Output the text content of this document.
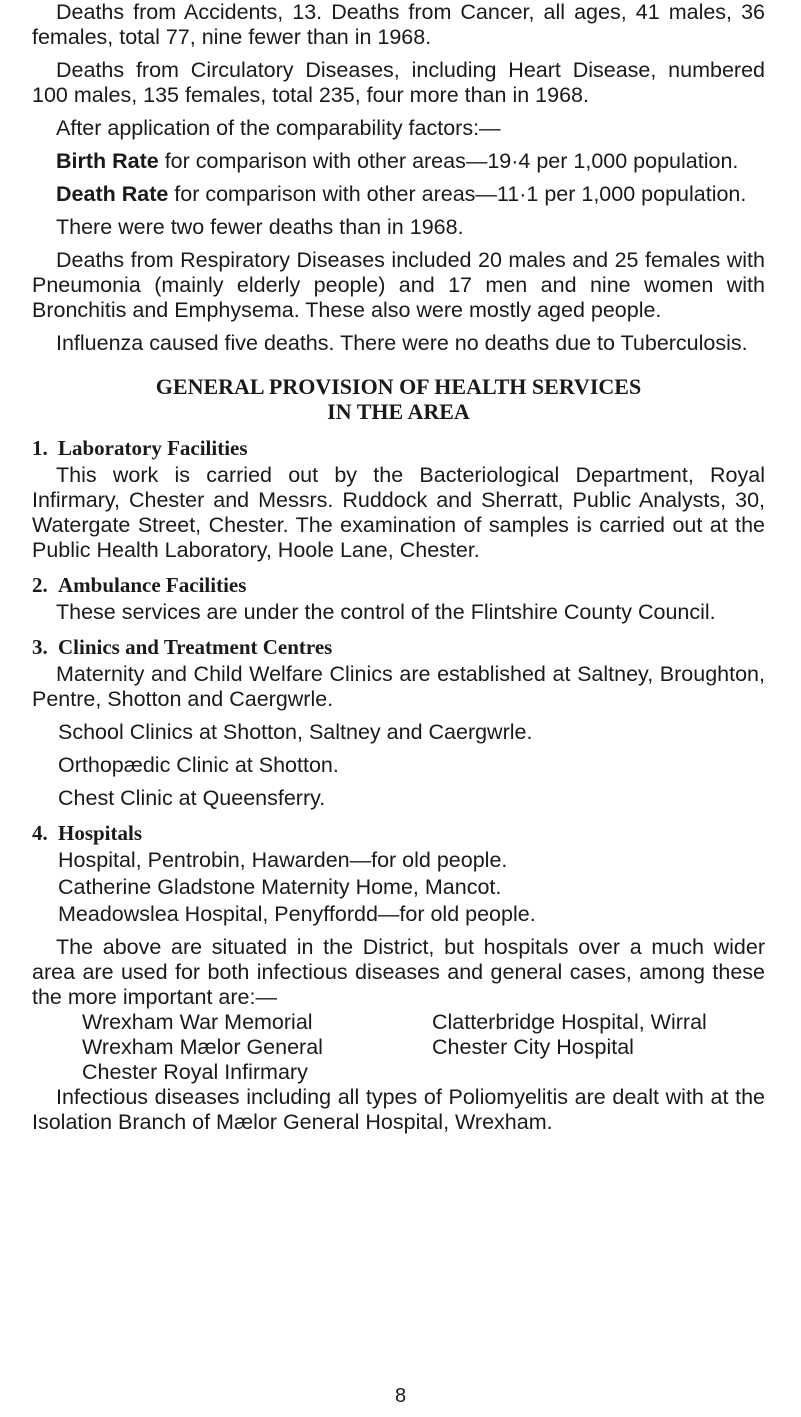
Deaths from Accidents, 13. Deaths from Cancer, all ages, 41 males, 36 females, total 77, nine fewer than in 1968.

Deaths from Circulatory Diseases, including Heart Disease, numbered 100 males, 135 females, total 235, four more than in 1968.

After application of the comparability factors:—

Birth Rate for comparison with other areas—19·4 per 1,000 population.

Death Rate for comparison with other areas—11·1 per 1,000 population.

There were two fewer deaths than in 1968.

Deaths from Respiratory Diseases included 20 males and 25 females with Pneumonia (mainly elderly people) and 17 men and nine women with Bronchitis and Emphysema. These also were mostly aged people.

Influenza caused five deaths. There were no deaths due to Tuberculosis.

GENERAL PROVISION OF HEALTH SERVICES
IN THE AREA
1. Laboratory Facilities

This work is carried out by the Bacteriological Department, Royal Infirmary, Chester and Messrs. Ruddock and Sherratt, Public Analysts, 30, Watergate Street, Chester. The examination of samples is carried out at the Public Health Laboratory, Hoole Lane, Chester.

2. Ambulance Facilities

These services are under the control of the Flintshire County Council.

3. Clinics and Treatment Centres

Maternity and Child Welfare Clinics are established at Saltney, Broughton, Pentre, Shotton and Caergwrle.

School Clinics at Shotton, Saltney and Caergwrle.

Orthopædic Clinic at Shotton.

Chest Clinic at Queensferry.

4. Hospitals

Hospital, Pentrobin, Hawarden—for old people.

Catherine Gladstone Maternity Home, Mancot.

Meadowslea Hospital, Penyffordd—for old people.

The above are situated in the District, but hospitals over a much wider area are used for both infectious diseases and general cases, among these the more important are:—

Wrexham War Memorial	Clatterbridge Hospital, Wirral
Wrexham Mælor General	Chester City Hospital
Chester Royal Infirmary

Infectious diseases including all types of Poliomyelitis are dealt with at the Isolation Branch of Mælor General Hospital, Wrexham.

8
